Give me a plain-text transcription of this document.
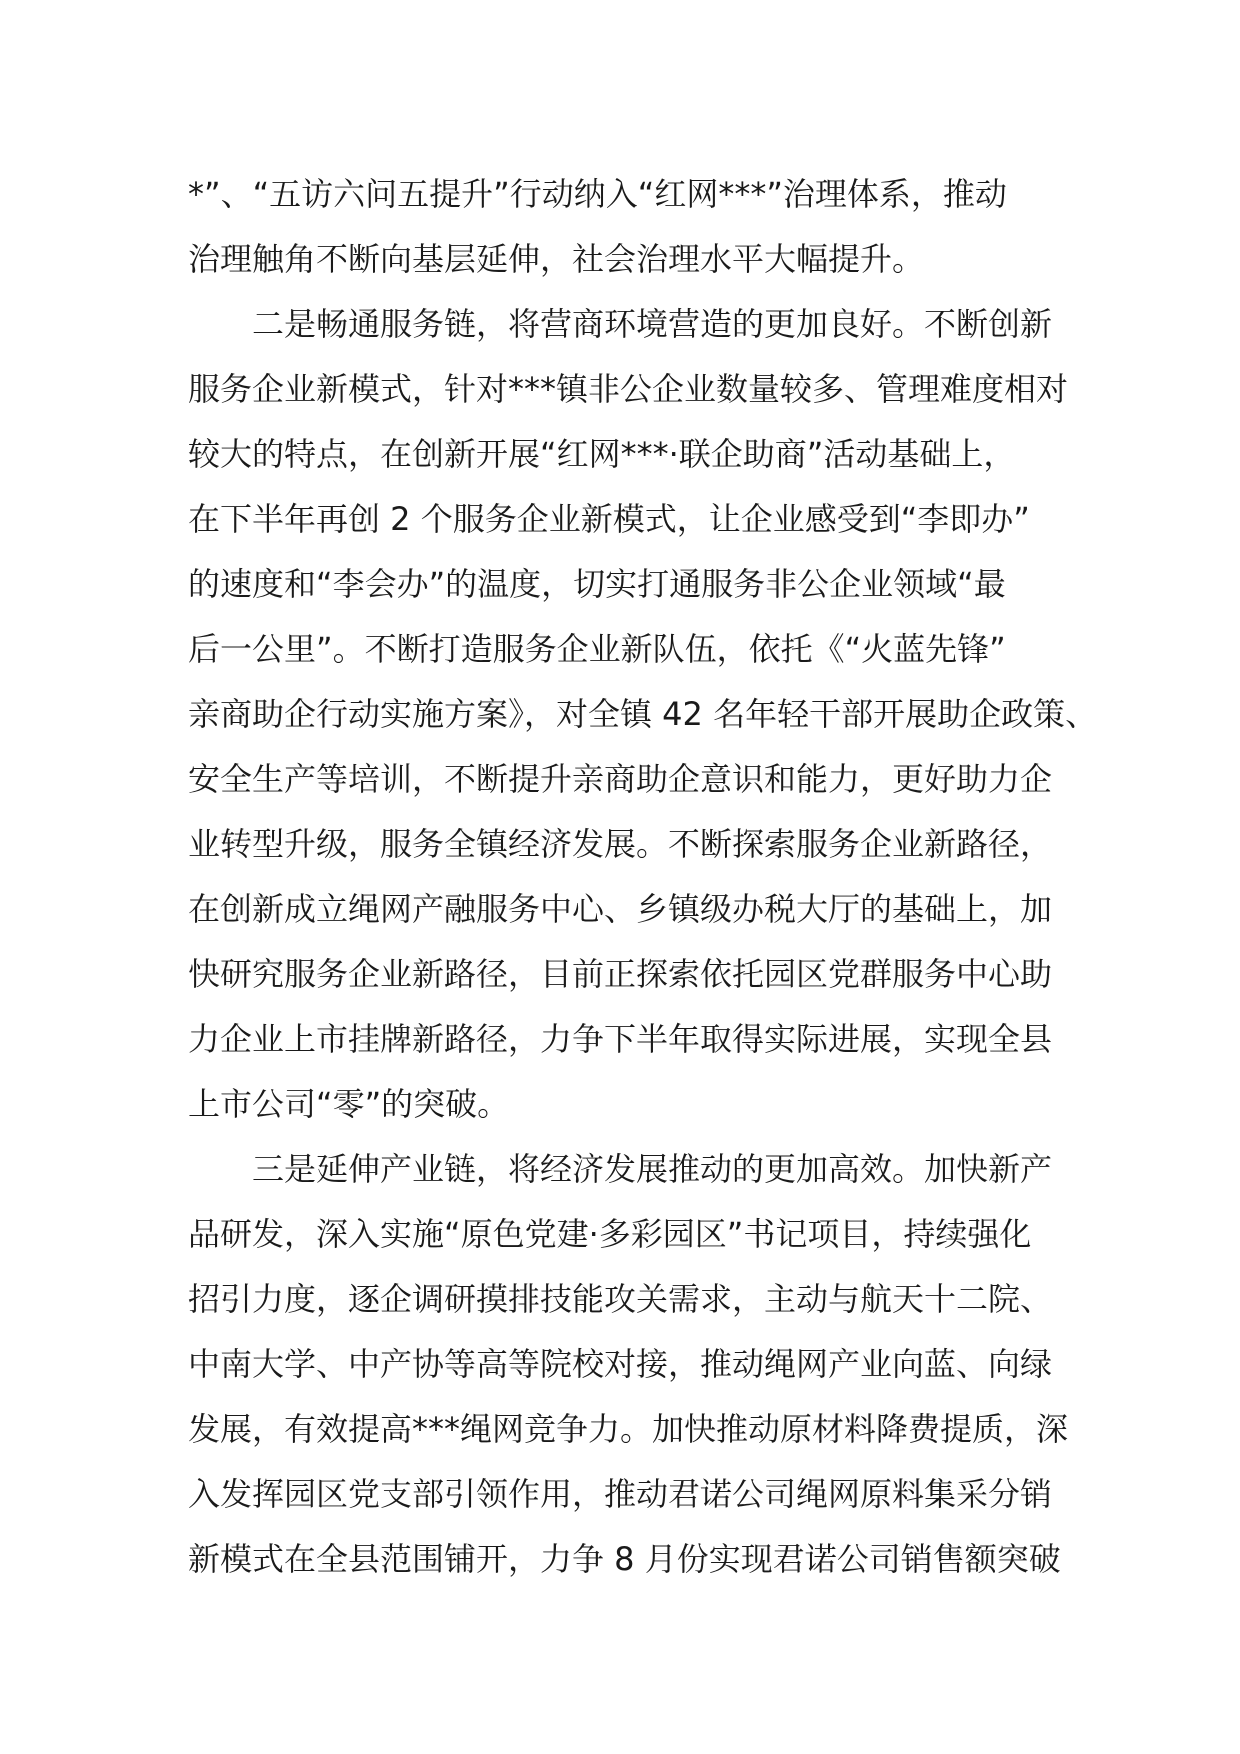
*”、“五访六问五提升”行动纳入“红网***”治理体系，推动
治理触角不断向基层延伸，社会治理水平大幅提升。

二是畅通服务链，将营商环境营造的更加良好。不断创新
服务企业新模式，针对***镇非公企业数量较多、管理难度相对
较大的特点，在创新开展“红网***·联企助商”活动基础上，
在下半年再创 2 个服务企业新模式，让企业感受到“李即办”
的速度和“李会办”的温度，切实打通服务非公企业领域“最
后一公里”。不断打造服务企业新队伍，依托《“火蓝先锋”
亲商助企行动实施方案》，对全镇 42 名年轻干部开展助企政策、
安全生产等培训，不断提升亲商助企意识和能力，更好助力企
业转型升级，服务全镇经济发展。不断探索服务企业新路径，
在创新成立绳网产融服务中心、乡镇级办税大厅的基础上，加
快研究服务企业新路径，目前正探索依托园区党群服务中心助
力企业上市挂牌新路径，力争下半年取得实际进展，实现全县
上市公司“零”的突破。

三是延伸产业链，将经济发展推动的更加高效。加快新产
品研发，深入实施“原色党建·多彩园区”书记项目，持续强化
招引力度，逐企调研摸排技能攻关需求，主动与航天十二院、
中南大学、中产协等高等院校对接，推动绳网产业向蓝、向绿
发展，有效提高***绳网竞争力。加快推动原材料降费提质，深
入发挥园区党支部引领作用，推动君诺公司绳网原料集采分销
新模式在全县范围铺开，力争 8 月份实现君诺公司销售额突破
